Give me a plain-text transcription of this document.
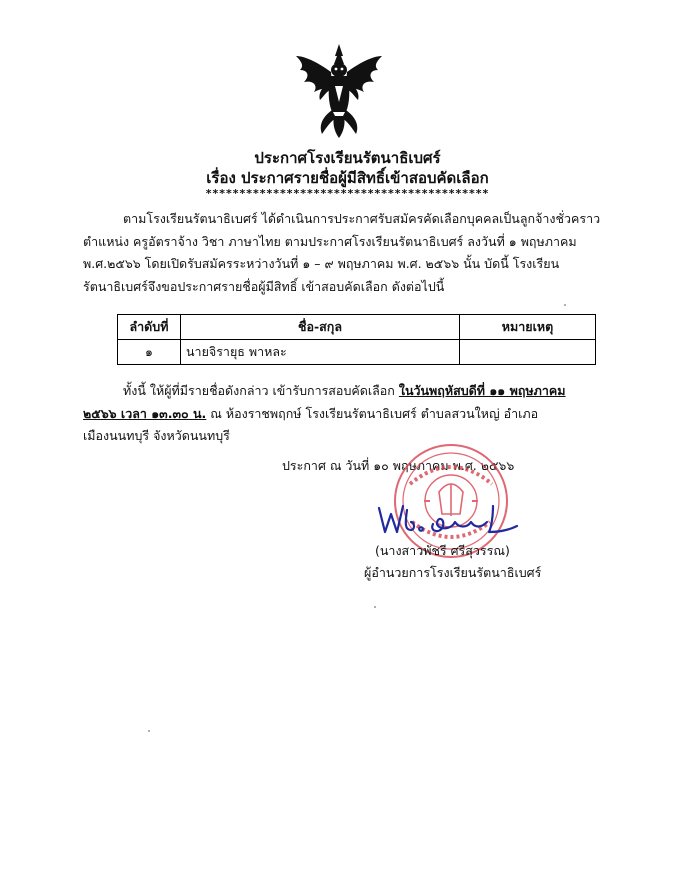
ประกาศโรงเรียนรัตนาธิเบศร์
เรื่อง ประกาศรายชื่อผู้มีสิทธิ์เข้าสอบคัดเลือก
******************************************
ตามโรงเรียนรัตนาธิเบศร์ ได้ดำเนินการประกาศรับสมัครคัดเลือกบุคคลเป็นลูกจ้างชั่วคราว ตำแหน่ง ครูอัตราจ้าง วิชา ภาษาไทย ตามประกาศโรงเรียนรัตนาธิเบศร์ ลงวันที่ ๑ พฤษภาคม พ.ศ.๒๕๖๖ โดยเปิดรับสมัครระหว่างวันที่ ๑ – ๙ พฤษภาคม พ.ศ. ๒๕๖๖ นั้น บัดนี้ โรงเรียนรัตนาธิเบศร์จึงขอประกาศรายชื่อผู้มีสิทธิ์ เข้าสอบคัดเลือก ดังต่อไปนี้
ลำดับที่	ชื่อ-สกุล	หมายเหตุ
๑	นายจิรายุธ พาหละ	
ทั้งนี้ ให้ผู้ที่มีรายชื่อดังกล่าว เข้ารับการสอบคัดเลือก ในวันพฤหัสบดีที่ ๑๑ พฤษภาคม ๒๕๖๖ เวลา ๑๓.๓๐ น. ณ ห้องราชพฤกษ์ โรงเรียนรัตนาธิเบศร์ ตำบลสวนใหญ่ อำเภอเมืองนนทบุรี จังหวัดนนทบุรี
ประกาศ ณ วันที่ ๑๐ พฤษภาคม พ.ศ. ๒๕๖๖
(นางสาวพัชรี ศรีสุวรรณ)
ผู้อำนวยการโรงเรียนรัตนาธิเบศร์
